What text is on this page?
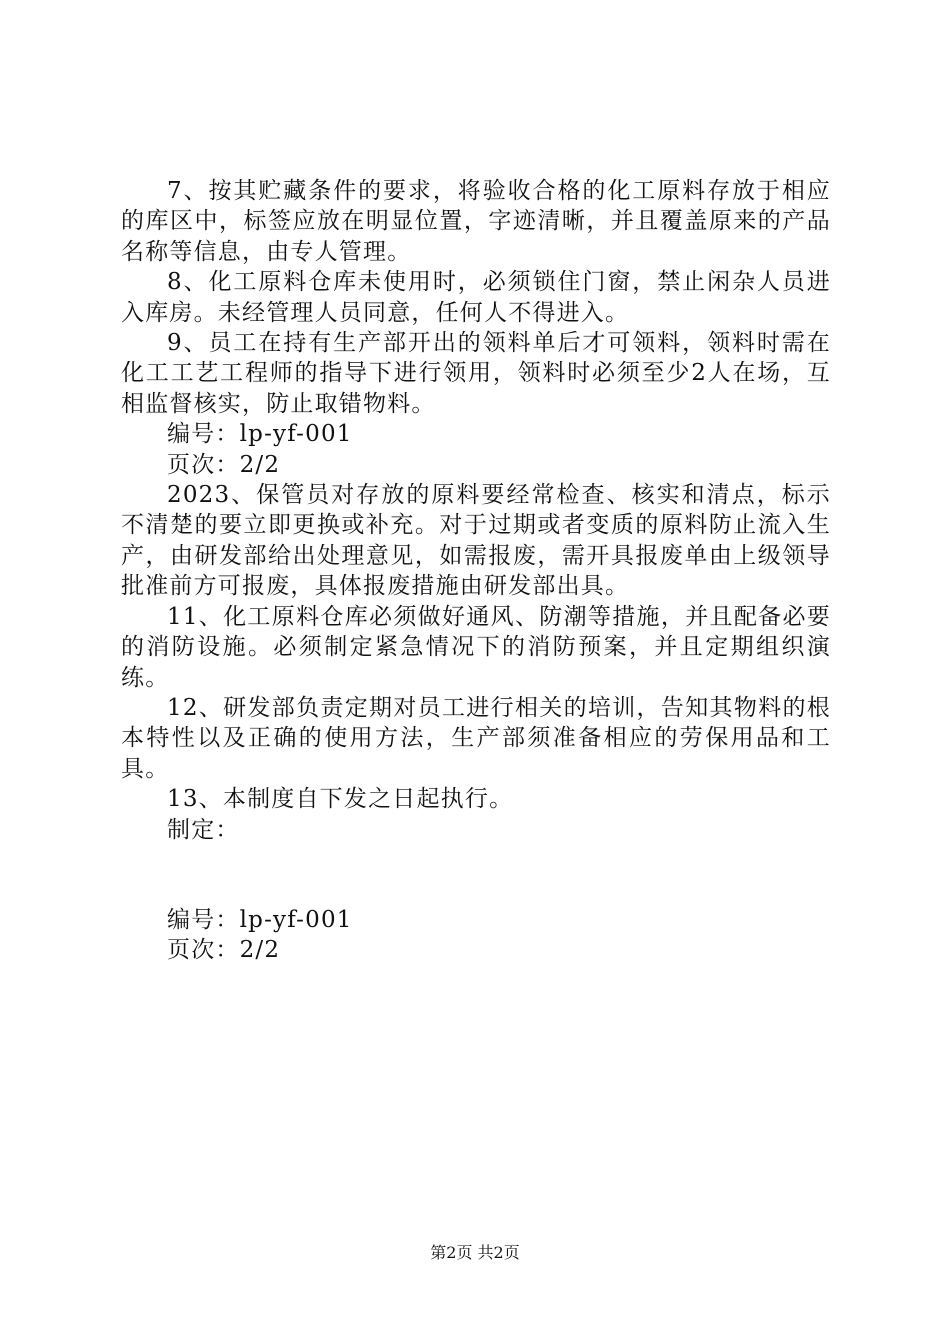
7、按其贮藏条件的要求，将验收合格的化工原料存放于相应的库区中，标签应放在明显位置，字迹清晰，并且覆盖原来的产品名称等信息，由专人管理。

8、化工原料仓库未使用时，必须锁住门窗，禁止闲杂人员进入库房。未经管理人员同意，任何人不得进入。

9、员工在持有生产部开出的领料单后才可领料，领料时需在化工工艺工程师的指导下进行领用，领料时必须至少2人在场，互相监督核实，防止取错物料。

编号：lp-yf-001

页次：2/2

2023、保管员对存放的原料要经常检查、核实和清点，标示不清楚的要立即更换或补充。对于过期或者变质的原料防止流入生产，由研发部给出处理意见，如需报废，需开具报废单由上级领导批准前方可报废，具体报废措施由研发部出具。

11、化工原料仓库必须做好通风、防潮等措施，并且配备必要的消防设施。必须制定紧急情况下的消防预案，并且定期组织演练。

12、研发部负责定期对员工进行相关的培训，告知其物料的根本特性以及正确的使用方法，生产部须准备相应的劳保用品和工具。

13、本制度自下发之日起执行。

制定：

编号：lp-yf-001

页次：2/2

第2页 共2页
